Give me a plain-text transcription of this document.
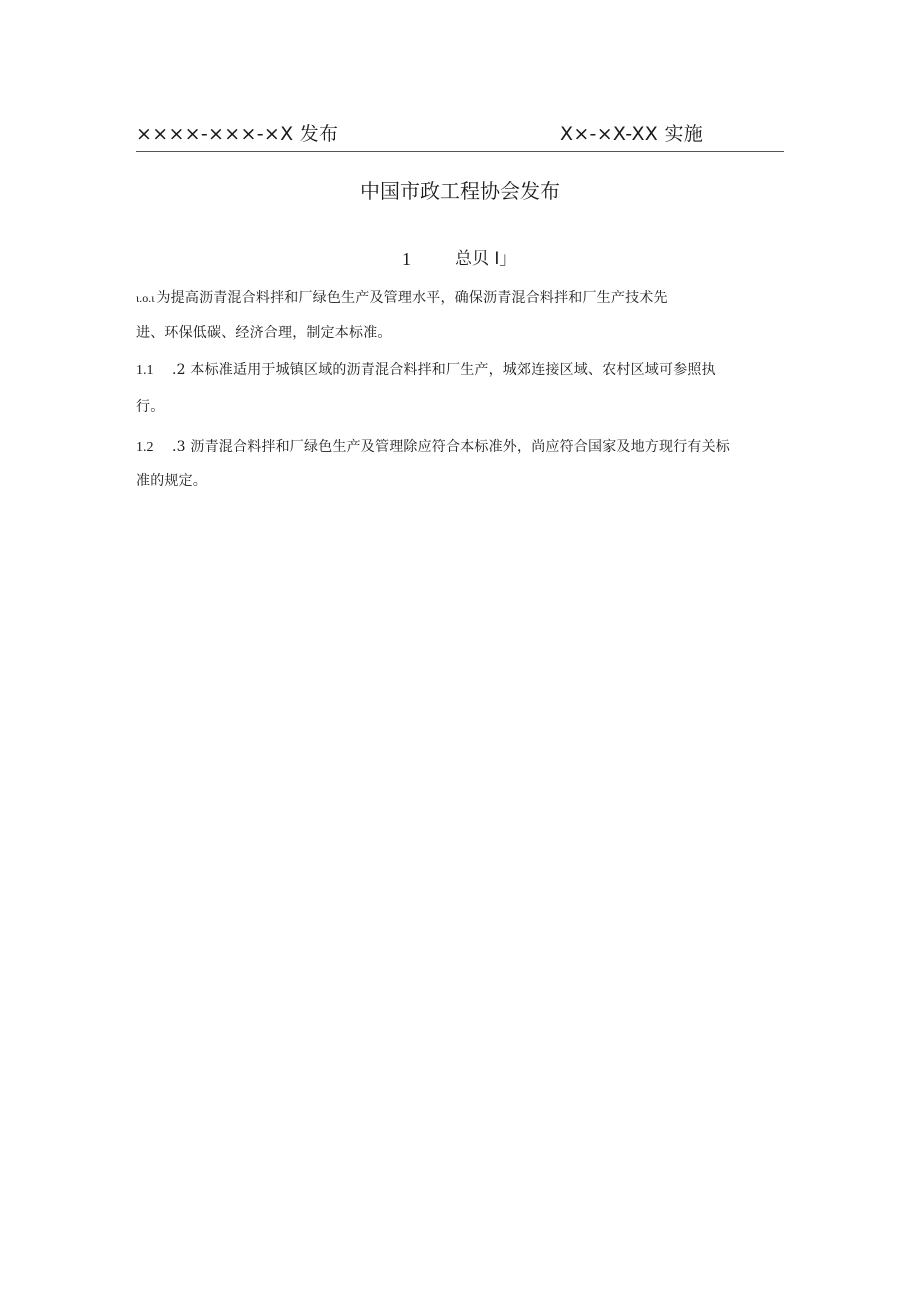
××××-×××-×X 发布	X×-×X-XX 实施
中国市政工程协会发布
1	总贝 I」
ι.o.ι 为提高沥青混合料拌和厂绿色生产及管理水平，确保沥青混合料拌和厂生产技术先
进、环保低碳、经济合理，制定本标准。
1.1 .2 本标准适用于城镇区域的沥青混合料拌和厂生产，城郊连接区域、农村区域可参照执
行。
1.2 .3 沥青混合料拌和厂绿色生产及管理除应符合本标准外，尚应符合国家及地方现行有关标
准的规定。
